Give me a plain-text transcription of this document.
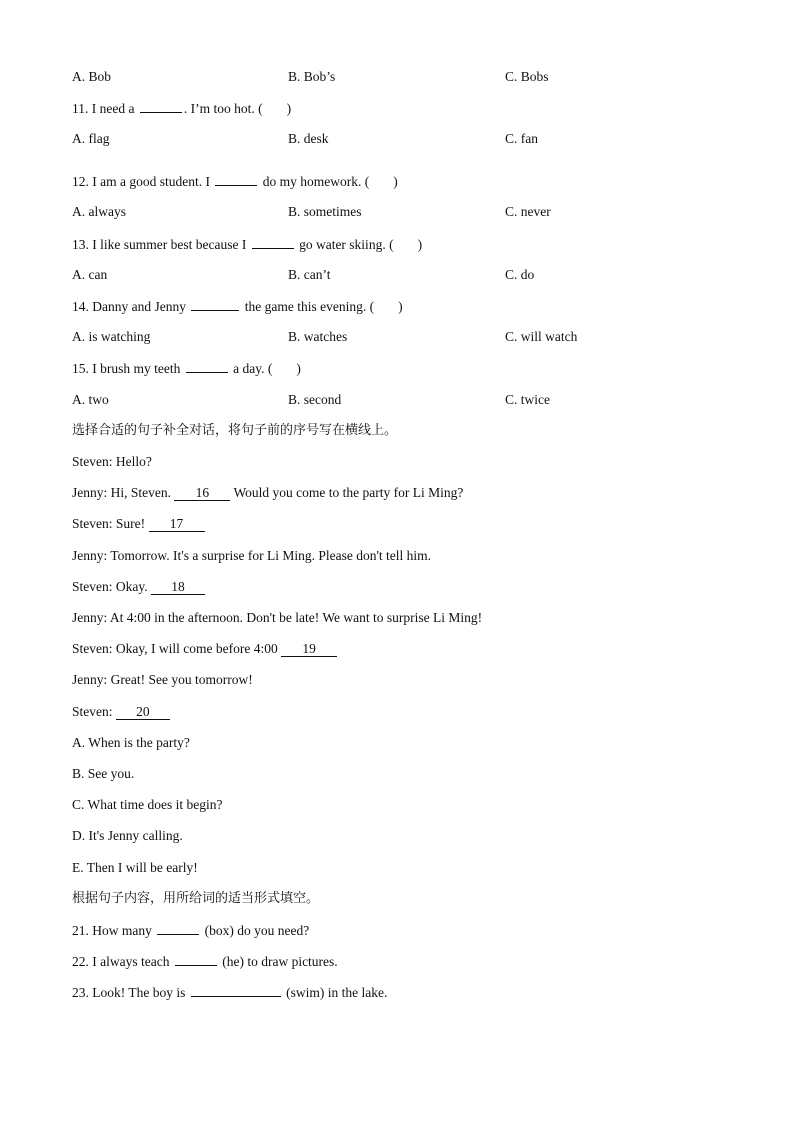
A. Bob	B. Bob’s	C. Bobs
11. I need a	. I’m too hot. ( )
A. flag	B. desk	C. fan
12. I am a good student. I	do my homework. ( )
A. always	B. sometimes	C. never
13. I like summer best because I	go water skiing. ( )
A. can	B. can’t	C. do
14. Danny and Jenny	the game this evening. ( )
A. is watching	B. watches	C. will watch
15. I brush my teeth	a day. ( )
A. two	B. second	C. twice
选择合适的句子补全对话，将句子前的序号写在横线上。
Steven: Hello?
Jenny: Hi, Steven. 16 Would you come to the party for Li Ming?
Steven: Sure! 17
Jenny: Tomorrow. It's a surprise for Li Ming. Please don't tell him.
Steven: Okay. 18
Jenny: At 4:00 in the afternoon. Don't be late! We want to surprise Li Ming!
Steven: Okay, I will come before 4:00 19
Jenny: Great! See you tomorrow!
Steven: 20
A. When is the party?
B. See you.
C. What time does it begin?
D. It's Jenny calling.
E. Then I will be early!
根据句子内容，用所给词的适当形式填空。
21. How many	(box) do you need?
22. I always teach	(he) to draw pictures.
23. Look! The boy is	(swim) in the lake.
